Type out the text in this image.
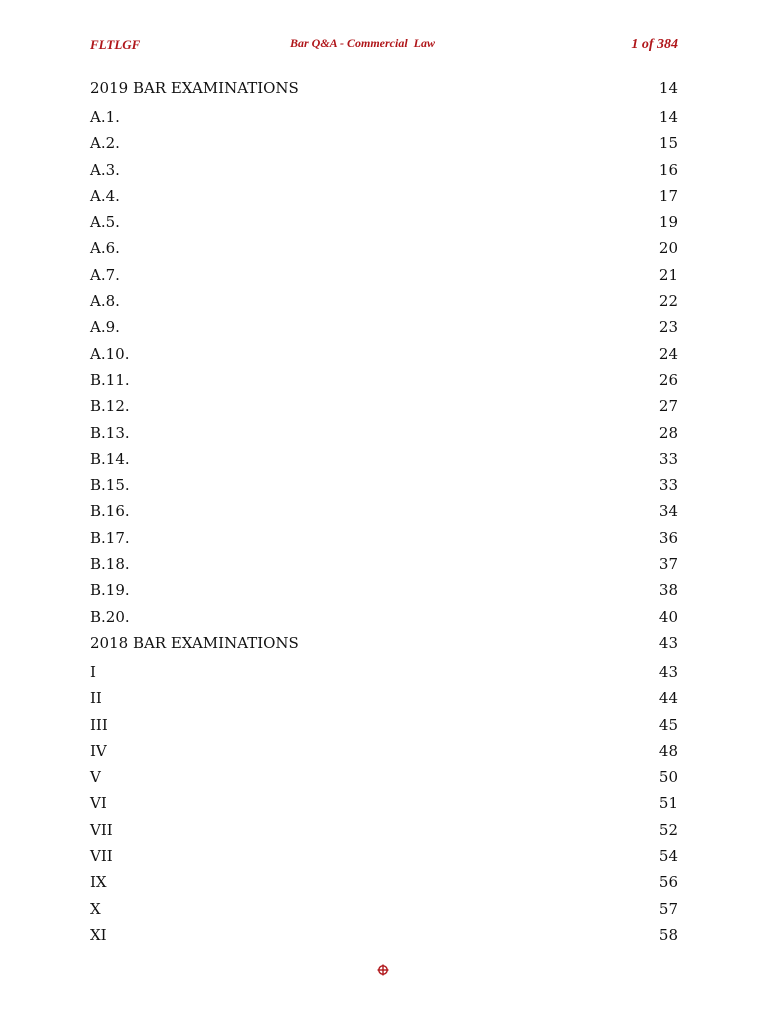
FLTLGF	Bar Q&A - Commercial  Law	1 of 384
2019 BAR EXAMINATIONS	14
A.1.	14
A.2.	15
A.3.	16
A.4.	17
A.5.	19
A.6.	20
A.7.	21
A.8.	22
A.9.	23
A.10.	24
B.11.	26
B.12.	27
B.13.	28
B.14.	33
B.15.	33
B.16.	34
B.17.	36
B.18.	37
B.19.	38
B.20.	40
2018 BAR EXAMINATIONS	43
I	43
II	44
III	45
IV	48
V	50
VI	51
VII	52
VII	54
IX	56
X	57
XI	58
